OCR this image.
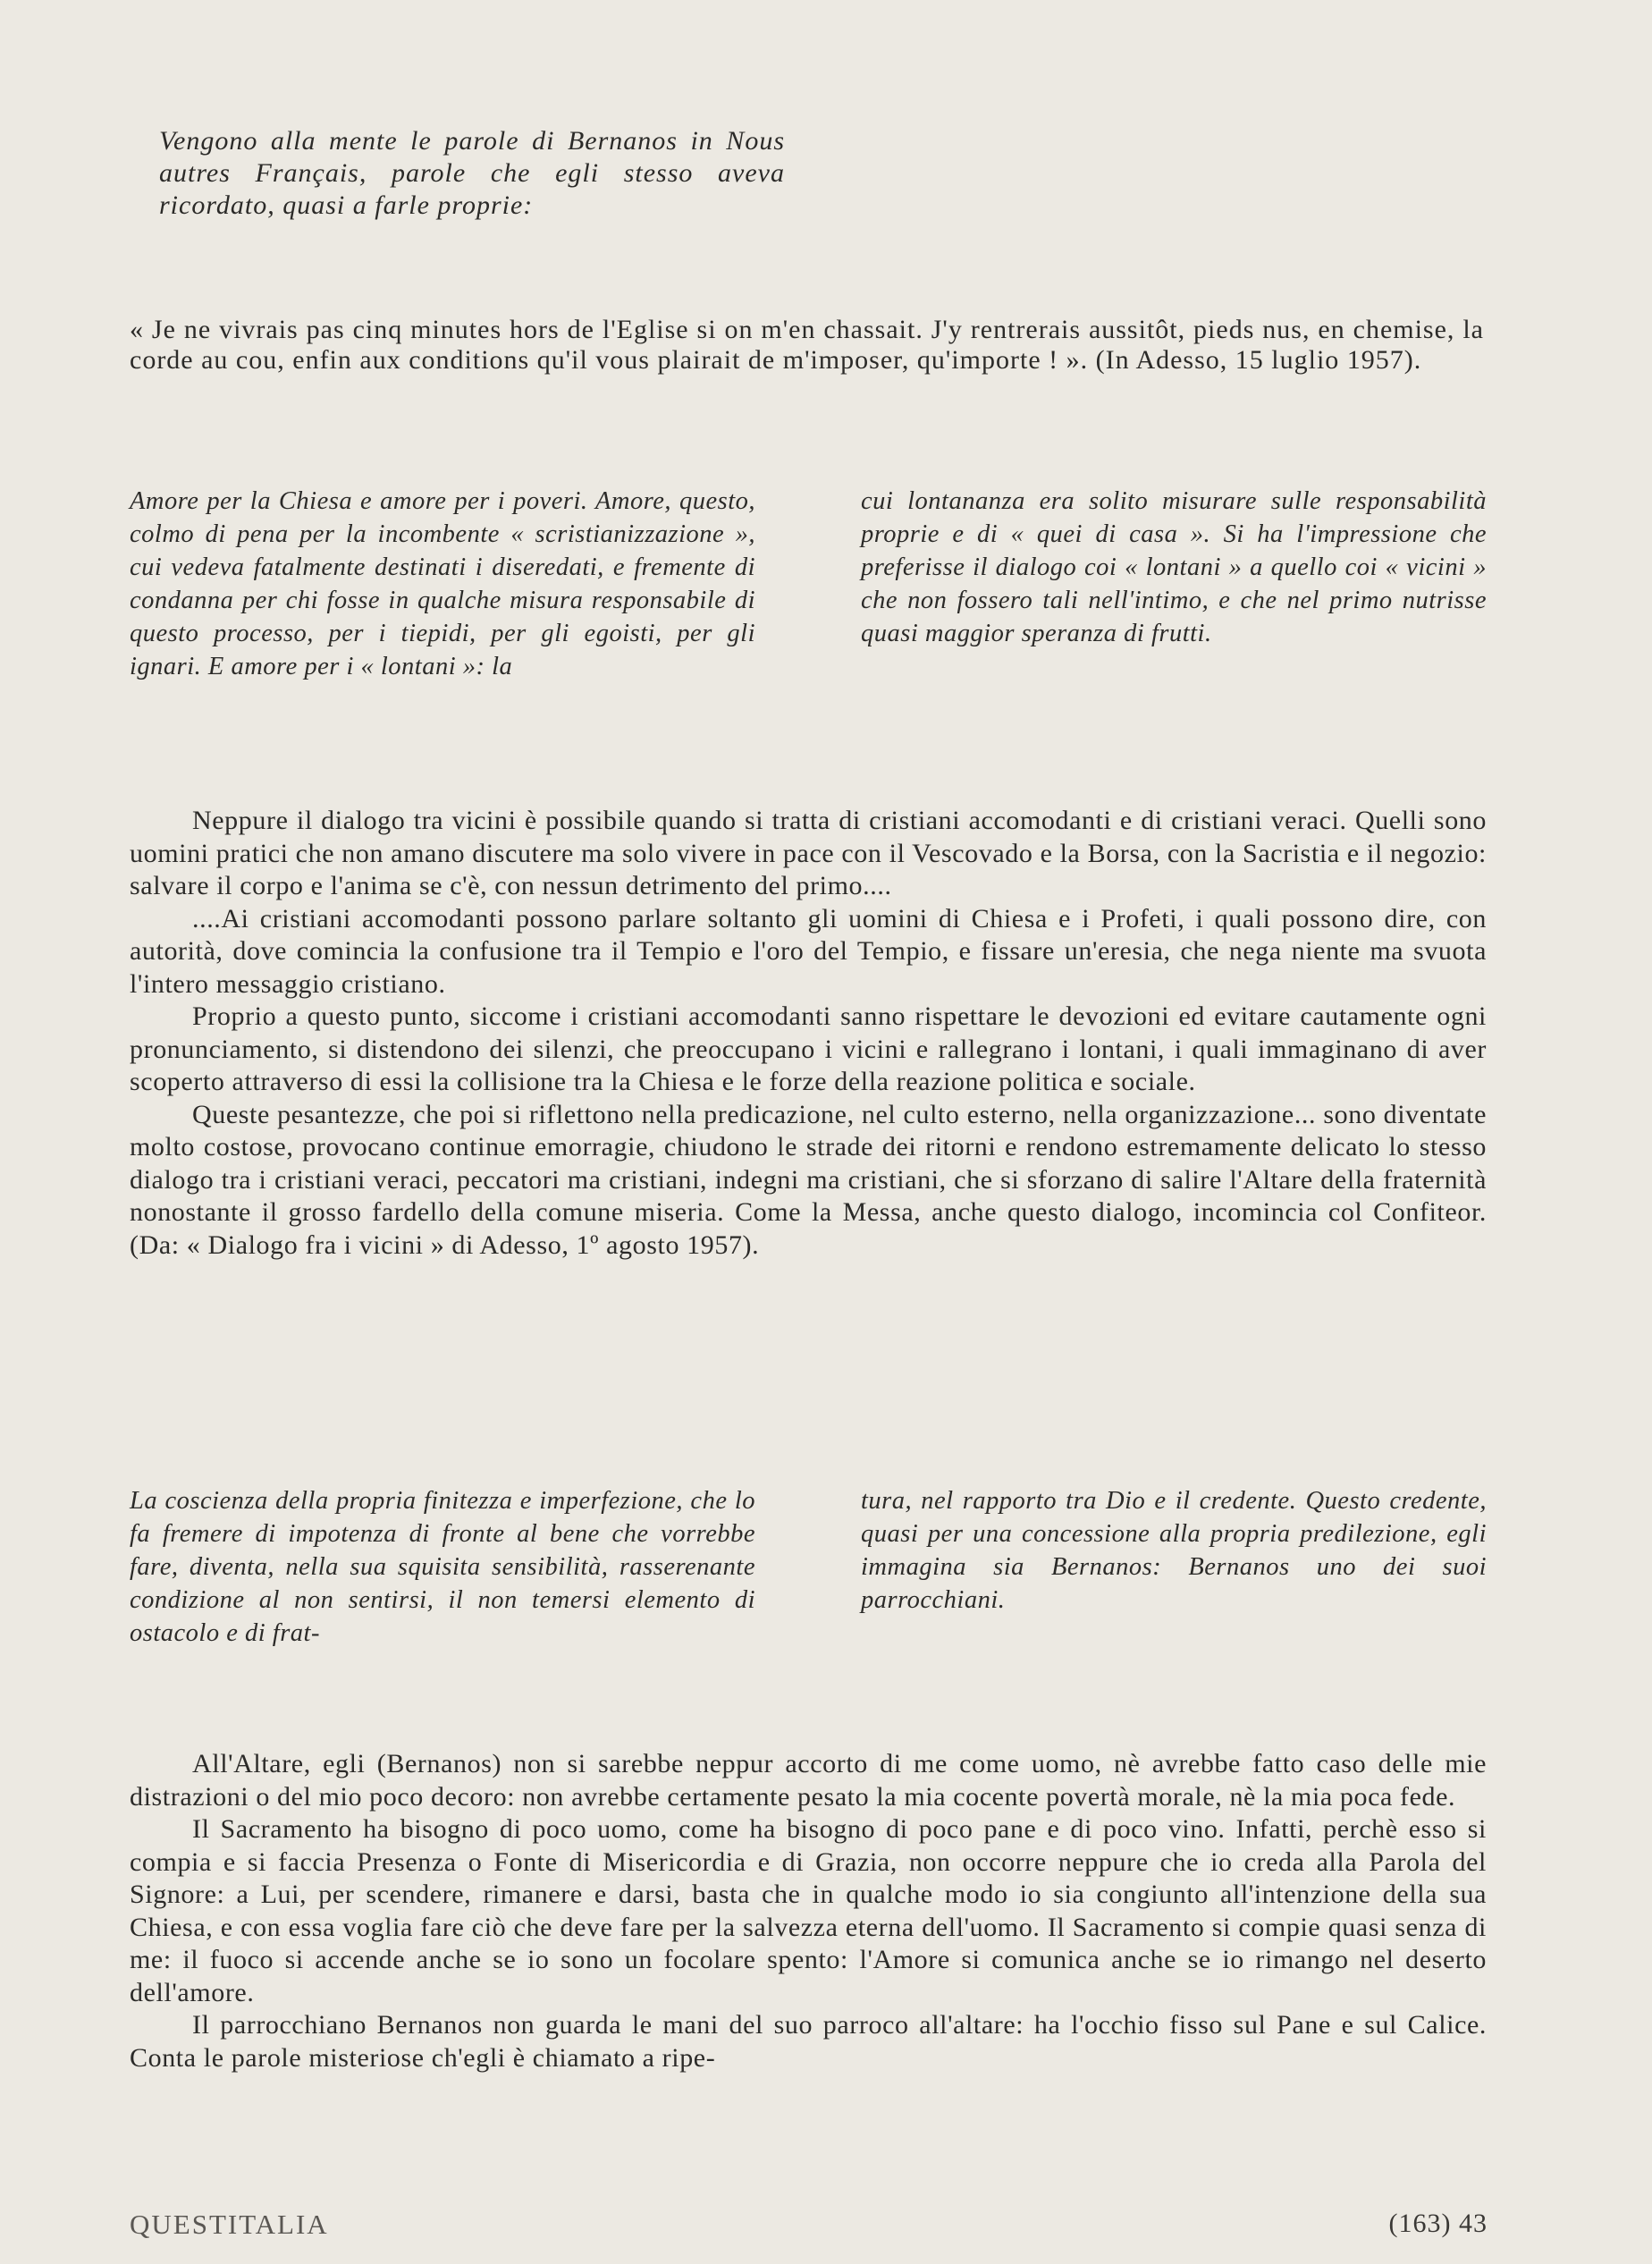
Vengono alla mente le parole di Bernanos in Nous autres Français, parole che egli stesso aveva ricordato, quasi a farle proprie:

« Je ne vivrais pas cinq minutes hors de l'Eglise si on m'en chassait. J'y rentrerais aussitôt, pieds nus, en chemise, la corde au cou, enfin aux conditions qu'il vous plairait de m'imposer, qu'importe ! ». (In Adesso, 15 luglio 1957).

Amore per la Chiesa e amore per i poveri. Amore, questo, colmo di pena per la incombente « scristianizzazione », cui vedeva fatalmente destinati i diseredati, e fremente di condanna per chi fosse in qualche misura responsabile di questo processo, per i tiepidi, per gli egoisti, per gli ignari. E amore per i « lontani »: la

cui lontananza era solito misurare sulle responsabilità proprie e di « quei di casa ». Si ha l'impressione che preferisse il dialogo coi « lontani » a quello coi « vicini » che non fossero tali nell'intimo, e che nel primo nutrisse quasi maggior speranza di frutti.

Neppure il dialogo tra vicini è possibile quando si tratta di cristiani accomodanti e di cristiani veraci. Quelli sono uomini pratici che non amano discutere ma solo vivere in pace con il Vescovado e la Borsa, con la Sacristia e il negozio: salvare il corpo e l'anima se c'è, con nessun detrimento del primo....

....Ai cristiani accomodanti possono parlare soltanto gli uomini di Chiesa e i Profeti, i quali possono dire, con autorità, dove comincia la confusione tra il Tempio e l'oro del Tempio, e fissare un'eresia, che nega niente ma svuota l'intero messaggio cristiano.

Proprio a questo punto, siccome i cristiani accomodanti sanno rispettare le devozioni ed evitare cautamente ogni pronunciamento, si distendono dei silenzi, che preoccupano i vicini e rallegrano i lontani, i quali immaginano di aver scoperto attraverso di essi la collisione tra la Chiesa e le forze della reazione politica e sociale.

Queste pesantezze, che poi si riflettono nella predicazione, nel culto esterno, nella organizzazione... sono diventate molto costose, provocano continue emorragie, chiudono le strade dei ritorni e rendono estremamente delicato lo stesso dialogo tra i cristiani veraci, peccatori ma cristiani, indegni ma cristiani, che si sforzano di salire l'Altare della fraternità nonostante il grosso fardello della comune miseria. Come la Messa, anche questo dialogo, incomincia col Confiteor. (Da: « Dialogo fra i vicini » di Adesso, 1º agosto 1957).

La coscienza della propria finitezza e imperfezione, che lo fa fremere di impotenza di fronte al bene che vorrebbe fare, diventa, nella sua squisita sensibilità, rasserenante condizione al non sentirsi, il non temersi elemento di ostacolo e di frat-

tura, nel rapporto tra Dio e il credente. Questo credente, quasi per una concessione alla propria predilezione, egli immagina sia Bernanos: Bernanos uno dei suoi parrocchiani.

All'Altare, egli (Bernanos) non si sarebbe neppur accorto di me come uomo, nè avrebbe fatto caso delle mie distrazioni o del mio poco decoro: non avrebbe certamente pesato la mia cocente povertà morale, nè la mia poca fede.

Il Sacramento ha bisogno di poco uomo, come ha bisogno di poco pane e di poco vino. Infatti, perchè esso si compia e si faccia Presenza o Fonte di Misericordia e di Grazia, non occorre neppure che io creda alla Parola del Signore: a Lui, per scendere, rimanere e darsi, basta che in qualche modo io sia congiunto all'intenzione della sua Chiesa, e con essa voglia fare ciò che deve fare per la salvezza eterna dell'uomo. Il Sacramento si compie quasi senza di me: il fuoco si accende anche se io sono un focolare spento: l'Amore si comunica anche se io rimango nel deserto dell'amore.

Il parrocchiano Bernanos non guarda le mani del suo parroco all'altare: ha l'occhio fisso sul Pane e sul Calice. Conta le parole misteriose ch'egli è chiamato a ripe-

QUESTITALIA	(163) 43
